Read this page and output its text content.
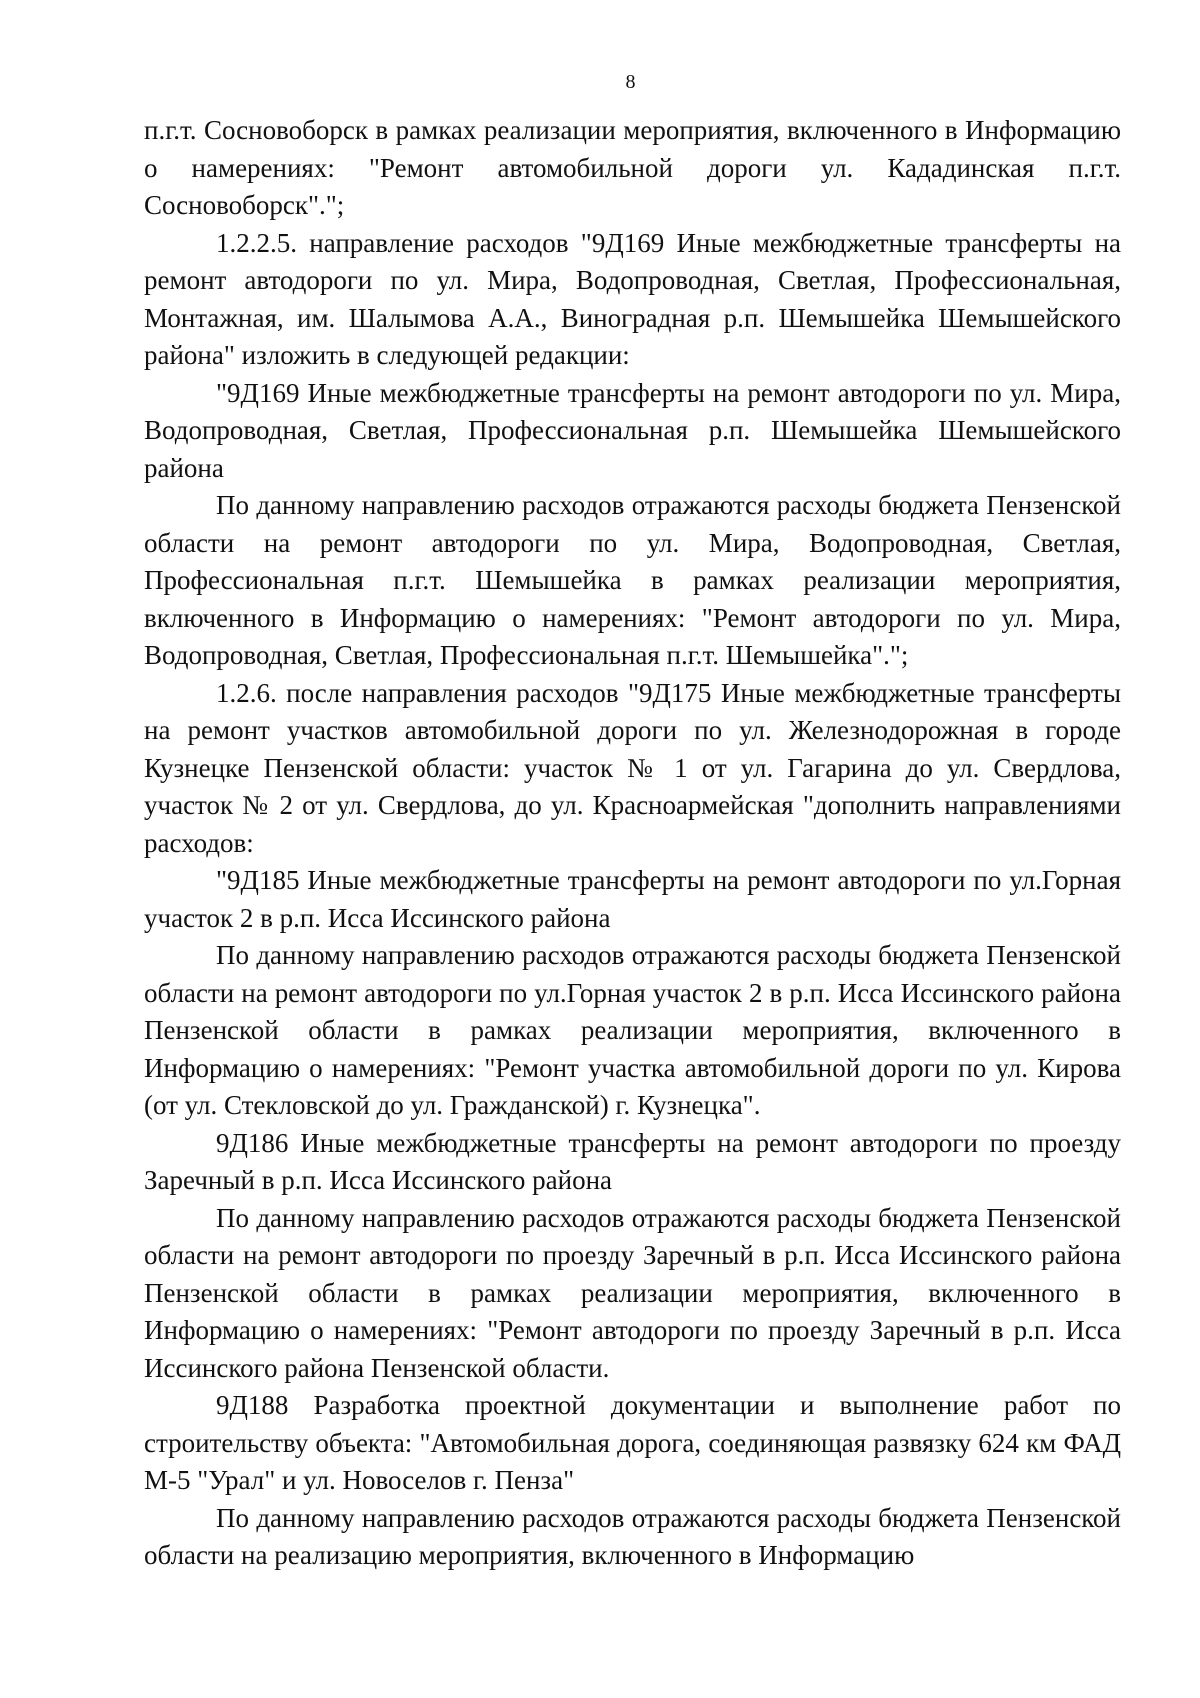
8

п.г.т. Сосновоборск в рамках реализации мероприятия, включенного в Информацию о намерениях: "Ремонт автомобильной дороги ул. Кададинская п.г.т. Сосновоборск".";

1.2.2.5. направление расходов "9Д169 Иные межбюджетные трансферты на ремонт автодороги по ул. Мира, Водопроводная, Светлая, Профессиональная, Монтажная, им. Шалымова А.А., Виноградная р.п. Шемышейка Шемышейского района" изложить в следующей редакции:

"9Д169 Иные межбюджетные трансферты на ремонт автодороги по ул. Мира, Водопроводная, Светлая, Профессиональная р.п. Шемышейка Шемышейского района

По данному направлению расходов отражаются расходы бюджета Пензенской области на ремонт автодороги по ул. Мира, Водопроводная, Светлая, Профессиональная п.г.т. Шемышейка в рамках реализации мероприятия, включенного в Информацию о намерениях: "Ремонт автодороги по ул. Мира, Водопроводная, Светлая, Профессиональная п.г.т. Шемышейка".";

1.2.6. после направления расходов "9Д175 Иные межбюджетные трансферты на ремонт участков автомобильной дороги по ул. Железнодорожная в городе Кузнецке Пензенской области: участок № 1 от ул. Гагарина до ул. Свердлова, участок № 2 от ул. Свердлова, до ул. Красноармейская "дополнить направлениями расходов:

"9Д185 Иные межбюджетные трансферты на ремонт автодороги по ул.Горная участок 2 в р.п. Исса Иссинского района

По данному направлению расходов отражаются расходы бюджета Пензенской области на ремонт автодороги по ул.Горная участок 2 в р.п. Исса Иссинского района Пензенской области в рамках реализации мероприятия, включенного в Информацию о намерениях: "Ремонт участка автомобильной дороги по ул. Кирова (от ул. Стекловской до ул. Гражданской) г. Кузнецка".

9Д186 Иные межбюджетные трансферты на ремонт автодороги по проезду Заречный в р.п. Исса Иссинского района

По данному направлению расходов отражаются расходы бюджета Пензенской области на ремонт автодороги по проезду Заречный в р.п. Исса Иссинского района Пензенской области в рамках реализации мероприятия, включенного в Информацию о намерениях: "Ремонт автодороги по проезду Заречный в р.п. Исса Иссинского района Пензенской области.

9Д188 Разработка проектной документации и выполнение работ по строительству объекта: "Автомобильная дорога, соединяющая развязку 624 км ФАД М-5 "Урал" и ул. Новоселов г. Пенза"

По данному направлению расходов отражаются расходы бюджета Пензенской области на реализацию мероприятия, включенного в Информацию
